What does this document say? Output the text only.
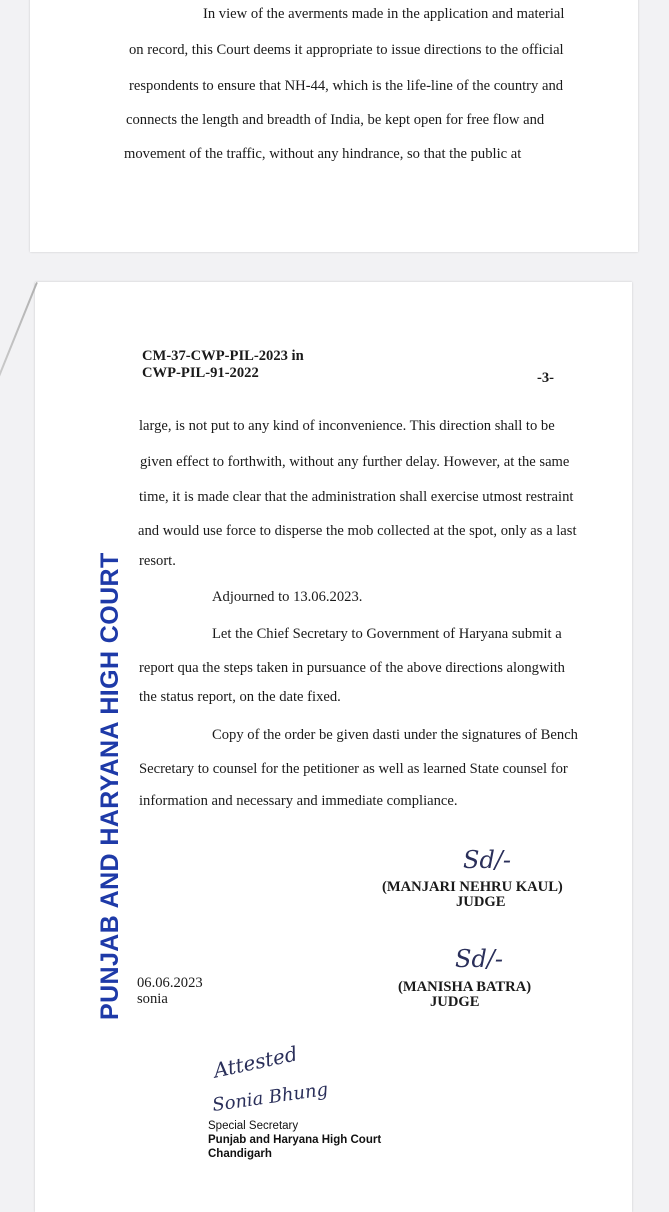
In view of the averments made in the application and material
on record, this Court deems it appropriate to issue directions to the official
respondents to ensure that NH-44, which is the life-line of the country and
connects the length and breadth of India, be kept open for free flow and
movement of the traffic, without any hindrance, so that the public at
CM-37-CWP-PIL-2023 in
CWP-PIL-91-2022	-3-
large, is not put to any kind of inconvenience. This direction shall to be
given effect to forthwith, without any further delay. However, at the same
time, it is made clear that the administration shall exercise utmost restraint
and would use force to disperse the mob collected at the spot, only as a last
resort.
Adjourned to 13.06.2023.
Let the Chief Secretary to Government of Haryana submit a
report qua the steps taken in pursuance of the above directions alongwith
the status report, on the date fixed.
Copy of the order be given dasti under the signatures of Bench
Secretary to counsel for the petitioner as well as learned State counsel for
information and necessary and immediate compliance.
Sd/-
(MANJARI NEHRU KAUL)
JUDGE
Sd/-
(MANISHA BATRA)
JUDGE
06.06.2023
sonia
PUNJAB AND HARYANA HIGH COURT
Attested
Sonia Bhung
Special Secretary
Punjab and Haryana High Court
Chandigarh
